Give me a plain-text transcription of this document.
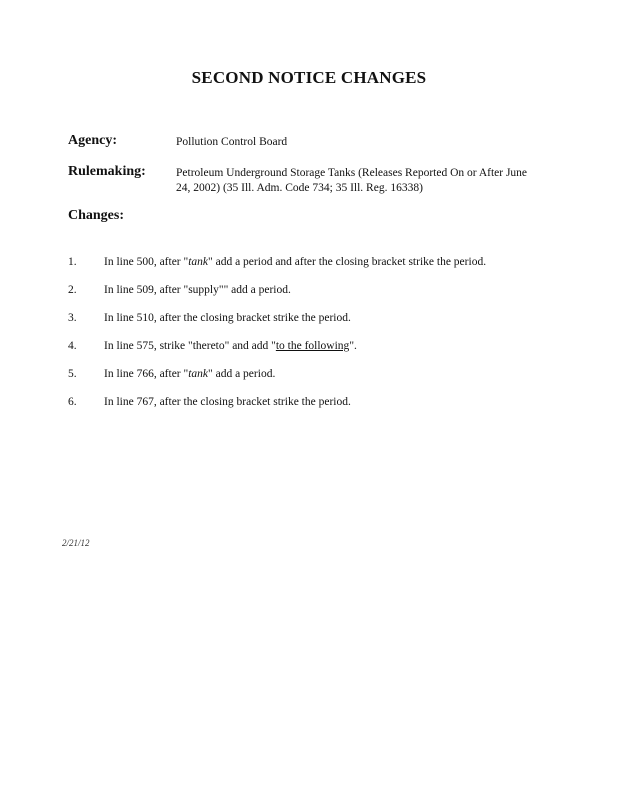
SECOND NOTICE CHANGES
Agency:	Pollution Control Board
Rulemaking:	Petroleum Underground Storage Tanks (Releases Reported On or After June 24, 2002) (35 Ill. Adm. Code 734; 35 Ill. Reg. 16338)
Changes:
1. In line 500, after "tank" add a period and after the closing bracket strike the period.
2. In line 509, after "supply"" add a period.
3. In line 510, after the closing bracket strike the period.
4. In line 575, strike "thereto" and add "to the following".
5. In line 766, after "tank" add a period.
6. In line 767, after the closing bracket strike the period.
2/21/12
